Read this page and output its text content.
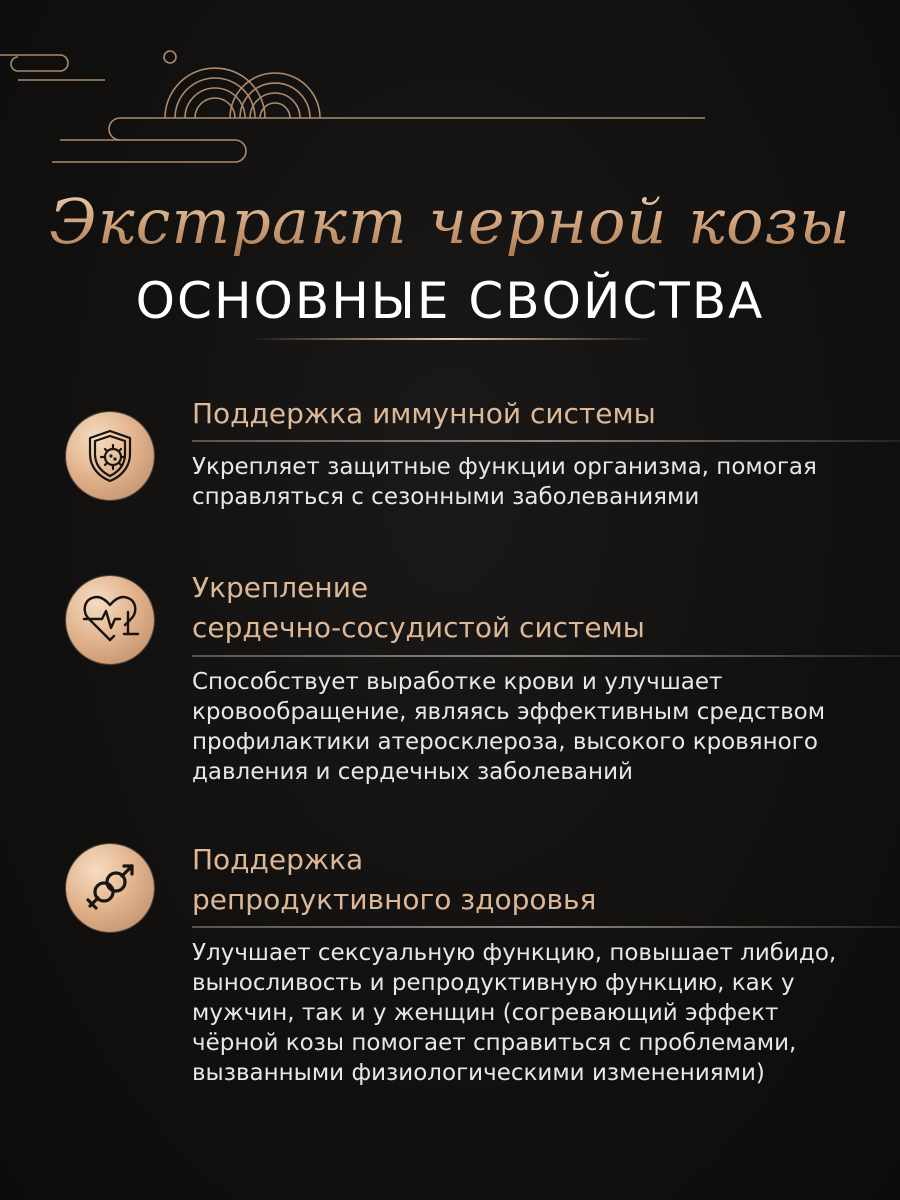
Экстракт черной козы
ОСНОВНЫЕ СВОЙСТВА
Поддержка иммунной системы
Укрепляет защитные функции организма, помогая
справляться с сезонными заболеваниями
Укрепление
сердечно-сосудистой системы
Способствует выработке крови и улучшает
кровообращение, являясь эффективным средством
профилактики атеросклероза, высокого кровяного
давления и сердечных заболеваний
Поддержка
репродуктивного здоровья
Улучшает сексуальную функцию, повышает либидо,
выносливость и репродуктивную функцию, как у
мужчин, так и у женщин (согревающий эффект
чёрной козы помогает справиться с проблемами,
вызванными физиологическими изменениями)
